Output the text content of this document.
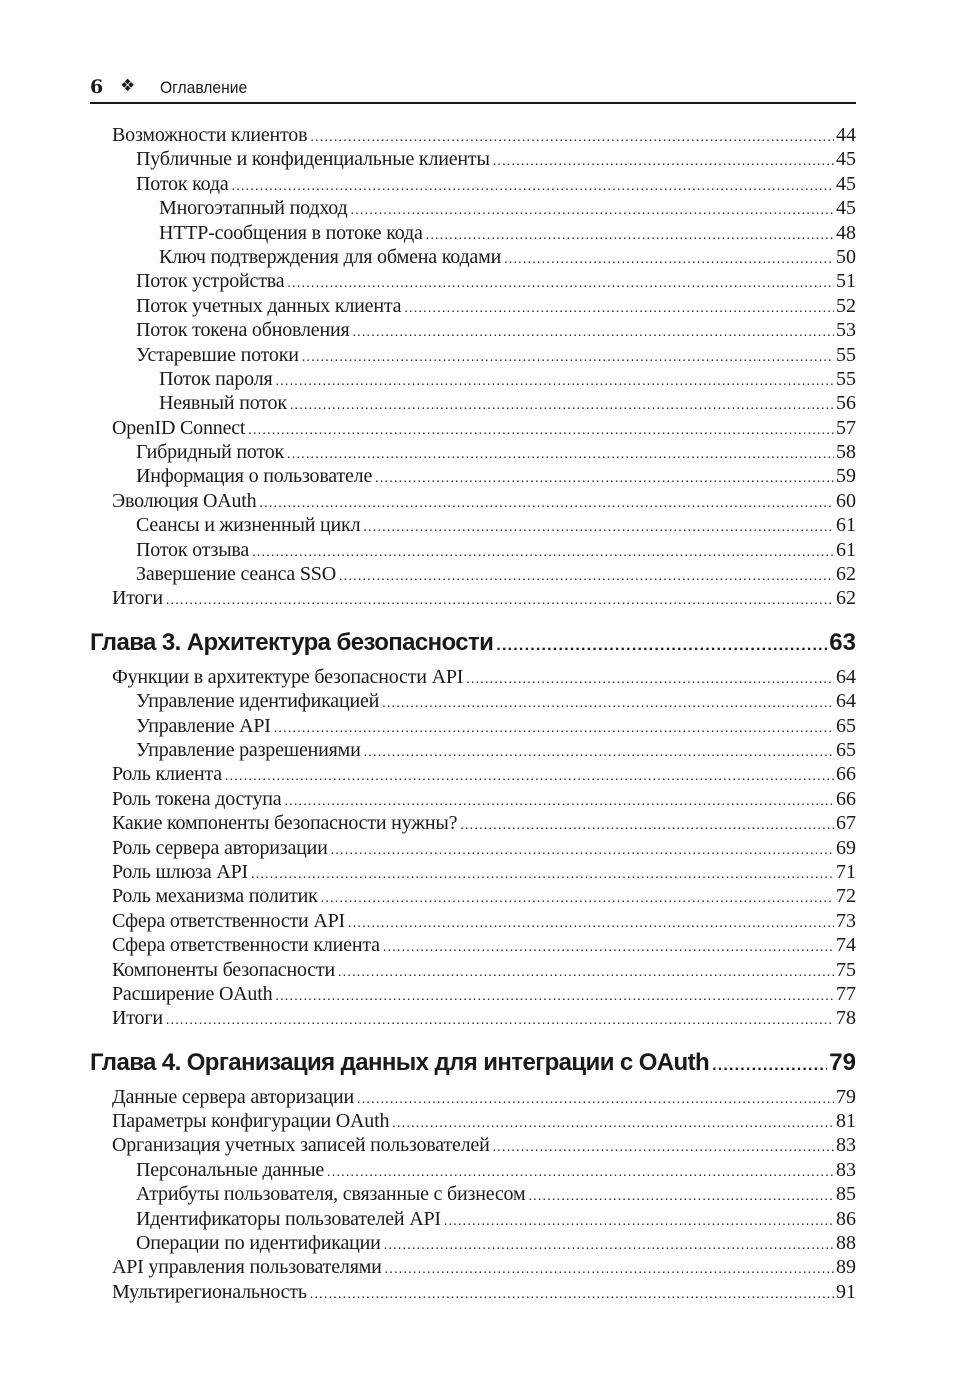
6 ❖ Оглавление
Возможности клиентов .....	44
Публичные и конфиденциальные клиенты .....	45
Поток кода .....	45
Многоэтапный подход .....	45
HTTP-сообщения в потоке кода .....	48
Ключ подтверждения для обмена кодами .....	50
Поток устройства .....	51
Поток учетных данных клиента .....	52
Поток токена обновления .....	53
Устаревшие потоки .....	55
Поток пароля .....	55
Неявный поток .....	56
OpenID Connect .....	57
Гибридный поток .....	58
Информация о пользователе .....	59
Эволюция OAuth .....	60
Сеансы и жизненный цикл .....	61
Поток отзыва .....	61
Завершение сеанса SSO .....	62
Итоги .....	62
Глава 3. Архитектура безопасности .....	63
Функции в архитектуре безопасности API .....	64
Управление идентификацией .....	64
Управление API .....	65
Управление разрешениями .....	65
Роль клиента .....	66
Роль токена доступа .....	66
Какие компоненты безопасности нужны? .....	67
Роль сервера авторизации .....	69
Роль шлюза API .....	71
Роль механизма политик .....	72
Сфера ответственности API .....	73
Сфера ответственности клиента .....	74
Компоненты безопасности .....	75
Расширение OAuth .....	77
Итоги .....	78
Глава 4. Организация данных для интеграции с OAuth .....	79
Данные сервера авторизации .....	79
Параметры конфигурации OAuth .....	81
Организация учетных записей пользователей .....	83
Персональные данные .....	83
Атрибуты пользователя, связанные с бизнесом .....	85
Идентификаторы пользователей API .....	86
Операции по идентификации .....	88
API управления пользователями .....	89
Мультирегиональность .....	91
